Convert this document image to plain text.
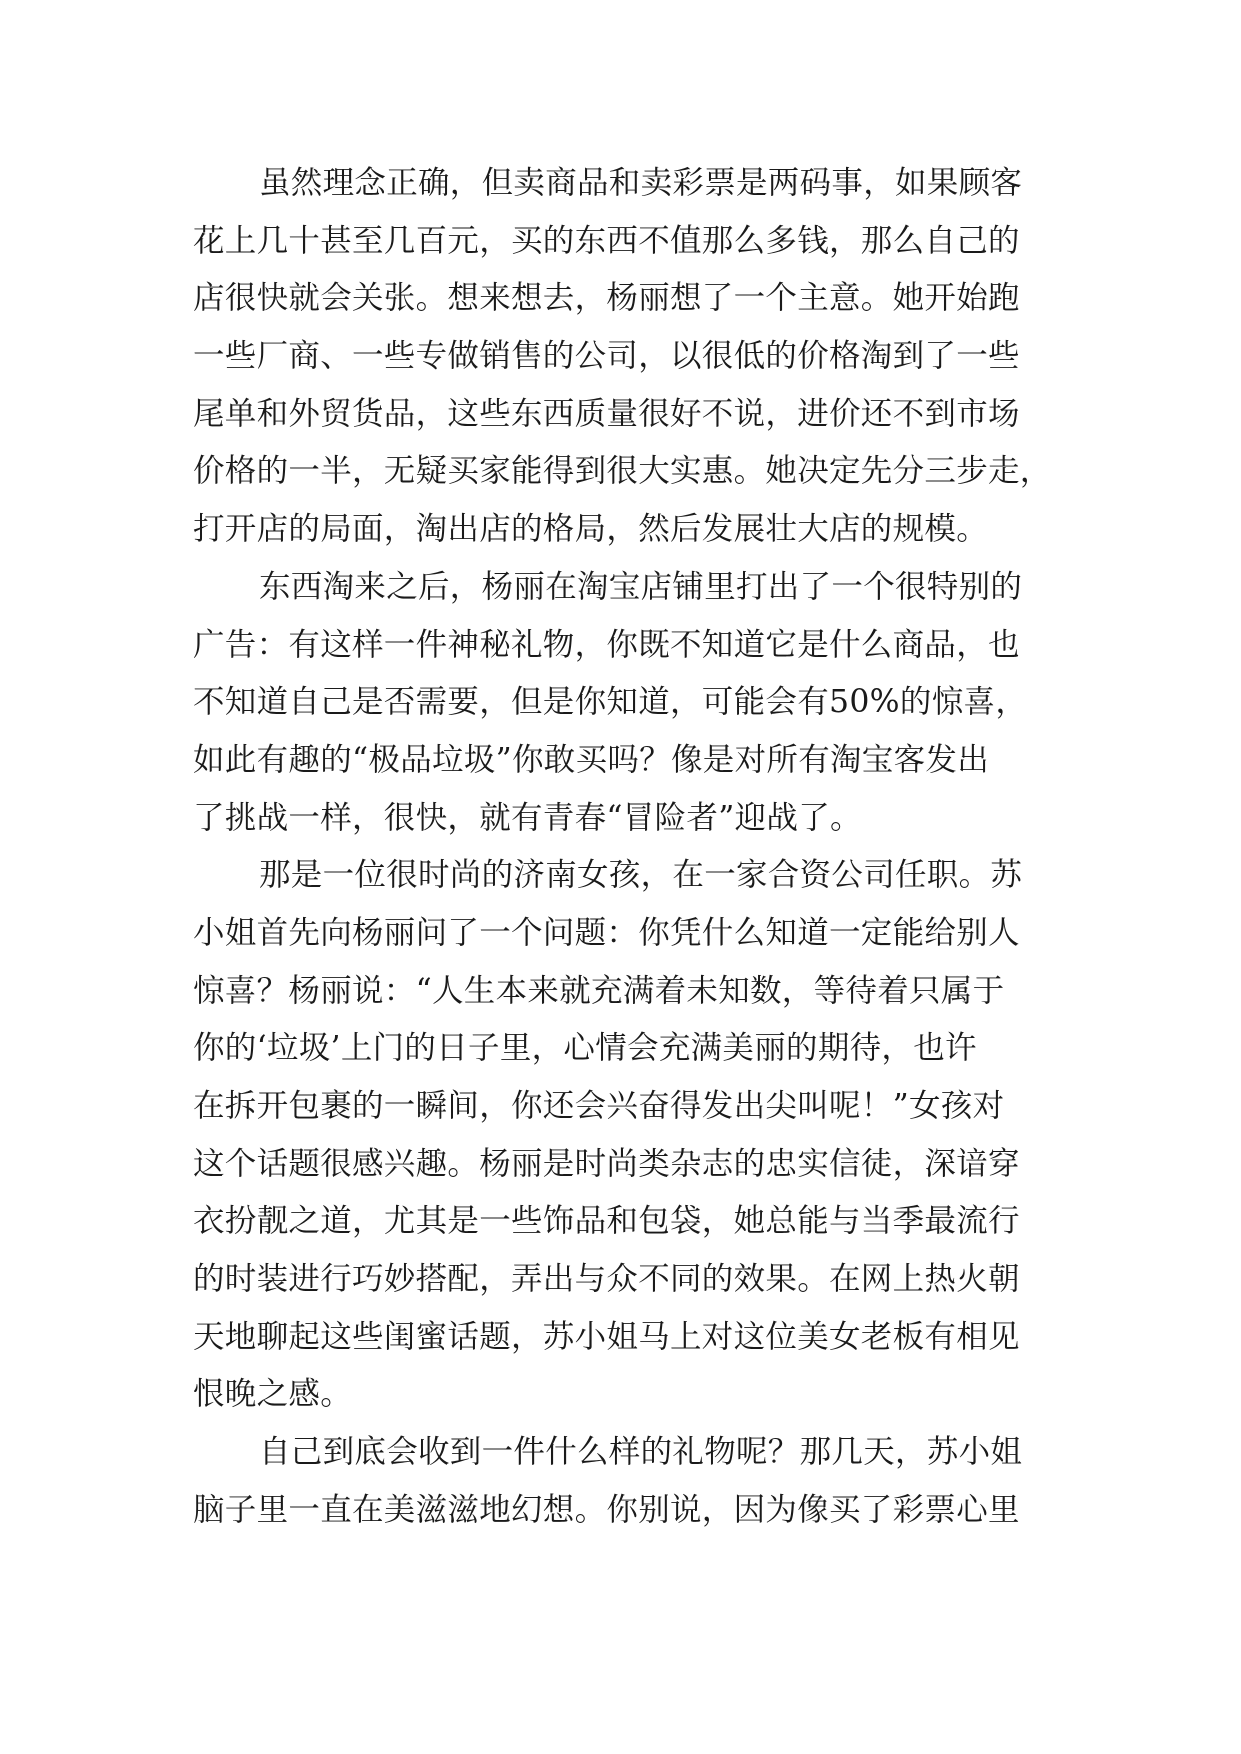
虽然理念正确，但卖商品和卖彩票是两码事，如果顾客
花上几十甚至几百元，买的东西不值那么多钱，那么自己的
店很快就会关张。想来想去，杨丽想了一个主意。她开始跑
一些厂商、一些专做销售的公司，以很低的价格淘到了一些
尾单和外贸货品，这些东西质量很好不说，进价还不到市场
价格的一半，无疑买家能得到很大实惠。她决定先分三步走，
打开店的局面，淘出店的格局，然后发展壮大店的规模。
东西淘来之后，杨丽在淘宝店铺里打出了一个很特别的
广告：有这样一件神秘礼物，你既不知道它是什么商品，也
不知道自己是否需要，但是你知道，可能会有50%的惊喜，
如此有趣的“极品垃圾”你敢买吗？像是对所有淘宝客发出
了挑战一样，很快，就有青春“冒险者”迎战了。
那是一位很时尚的济南女孩，在一家合资公司任职。苏
小姐首先向杨丽问了一个问题：你凭什么知道一定能给别人
惊喜？杨丽说：“人生本来就充满着未知数，等待着只属于
你的‘垃圾’上门的日子里，心情会充满美丽的期待，也许
在拆开包裹的一瞬间，你还会兴奋得发出尖叫呢！”女孩对
这个话题很感兴趣。杨丽是时尚类杂志的忠实信徒，深谙穿
衣扮靓之道，尤其是一些饰品和包袋，她总能与当季最流行
的时装进行巧妙搭配，弄出与众不同的效果。在网上热火朝
天地聊起这些闺蜜话题，苏小姐马上对这位美女老板有相见
恨晚之感。
自己到底会收到一件什么样的礼物呢？那几天，苏小姐
脑子里一直在美滋滋地幻想。你别说，因为像买了彩票心里
